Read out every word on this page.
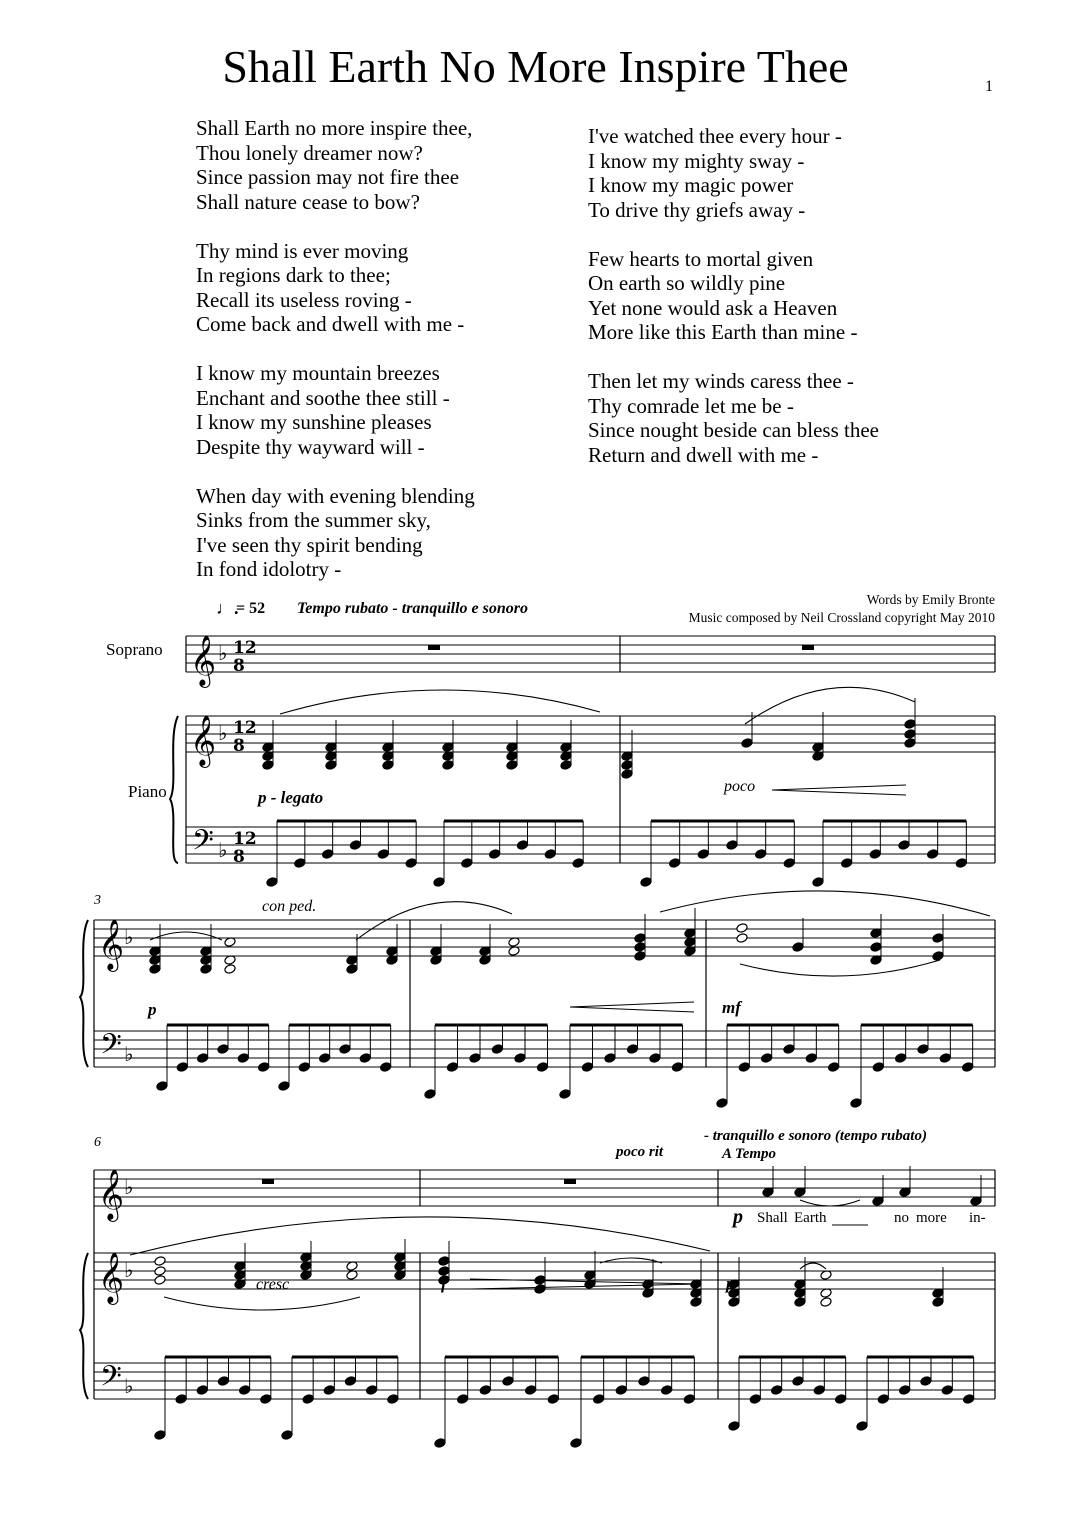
Shall Earth No More Inspire Thee	1
Shall Earth no more inspire thee,
Thou lonely dreamer now?
Since passion may not fire thee
Shall nature cease to bow?
Thy mind is ever moving
In regions dark to thee;
Recall its useless roving -
Come back and dwell with me -
I know my mountain breezes
Enchant and soothe thee still -
I know my sunshine pleases
Despite thy wayward will -
When day with evening blending
Sinks from the summer sky,
I've seen thy spirit bending
In fond idolotry -
I've watched thee every hour -
I know my mighty sway -
I know my magic power
To drive thy griefs away -
Few hearts to mortal given
On earth so wildly pine
Yet none would ask a Heaven
More like this Earth than mine -
Then let my winds caress thee -
Thy comrade let me be -
Since nought beside can bless thee
Return and dwell with me -
Words by Emily Bronte
Music composed by Neil Crossland copyright May 2010
𝄞
𝄞
𝄢
♭
♭
♭
12
8
12
8
12
8
𝄞
𝄢
♭
♭
𝄞
𝄞
𝄢
♭
♭
♭
♩.
= 52 Tempo rubato - tranquillo e sonoro
Soprano
Piano	p - legato
poco
3	con ped.
p	mf
6
poco rit
- tranquillo e sonoro (tempo rubato)
A Tempo
p Shall Earth	no more in-
cresc	f	p
